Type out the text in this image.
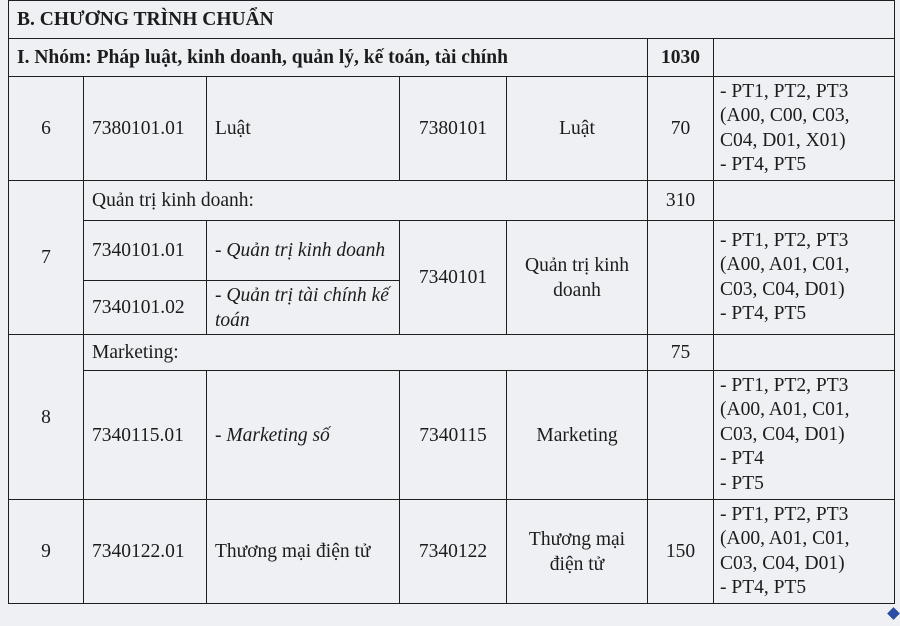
B. CHƯƠNG TRÌNH CHUẨN						
I. Nhóm: Pháp luật, kinh doanh, quản lý, kế toán, tài chính					1030	
6	7380101.01	Luật	7380101	Luật	70	- PT1, PT2, PT3
(A00, C00, C03,
C04, D01, X01)
- PT4, PT5

7	Quản trị kinh doanh:				310	
	7340101.01	- Quản trị kinh doanh	7340101	Quản trị kinh doanh		- PT1, PT2, PT3
(A00, A01, C01,
C03, C04, D01)
- PT4, PT5

	7340101.02	- Quản trị tài chính kế toán				
8	Marketing:				75	
	7340115.01	- Marketing số	7340115	Marketing		- PT1, PT2, PT3
(A00, A01, C01,
C03, C04, D01)
- PT4
- PT5

9	7340122.01	Thương mại điện tử	7340122	Thương mại điện tử	150	- PT1, PT2, PT3
(A00, A01, C01,
C03, C04, D01)
- PT4, PT5
